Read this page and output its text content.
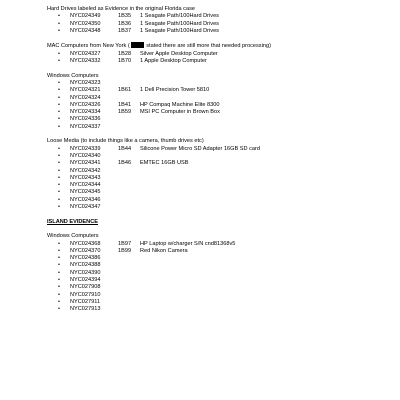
Hard Drives labeled as Evidence in the original Florida case
• NYC024349	1B35 1 Seagate Path/100Hard Drives
• NYC024350	1B36 1 Seagate Path/100Hard Drives
• NYC024348	1B37 1 Seagate Path/100Hard Drives
MAC Computers from New York (	stated there are still more that needed processing)
• NYC024327	1B28 Silver Apple Desktop Computer
• NYC024332	1B70 1 Apple Desktop Computer
Windows Computers
• NYC024323
• NYC024321	1B61 1 Dell Precision Tower 5810
• NYC024324
• NYC024326	1B41 HP Compaq Machine Elite 8300
• NYC024334	1B59 MSI PC Computer in Brown Box
• NYC024336
• NYC024337
Loose Media (to include things like a camera, thumb drives etc)
• NYC024339	1B44 Silicone Power Micro SD Adapter 16GB SD card
• NYC024340
• NYC024341	1B46 EMTEC 16GB USB
• NYC024342
• NYC024343
• NYC024344
• NYC024345
• NYC024346
• NYC024347
ISLAND EVIDENCE
Windows Computers
• NYC024368	1B97 HP Laptop w/charger S/N cnd81368v5
• NYC024370	1B99 Red Nikon Camera
• NYC024386
• NYC024388
• NYC024390
• NYC024394
• NYC027908
• NYC027910
• NYC027911
• NYC027913
